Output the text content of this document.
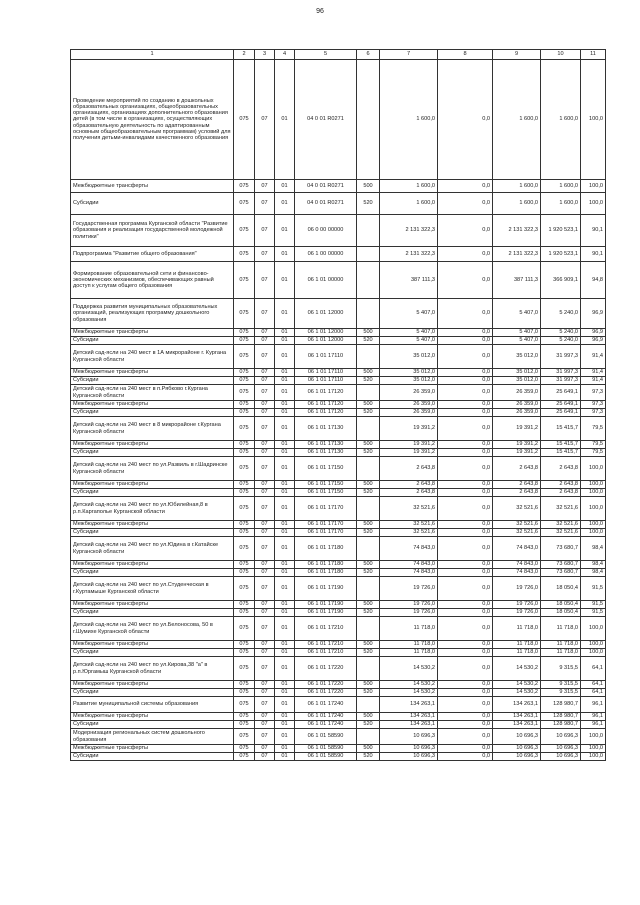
96
1	2	3	4	5	6	7	8	9	10	11
Проведение мероприятий по созданию в дошкольных образовательных организациях, общеобразовательных организациях, организациях дополнительного образования детей (в том числе в организациях, осуществляющих образовательную деятельность по адаптированным основным общеобразовательным программам) условий для получения детьми-инвалидами качественного образования	075	07	01	04 0 01 R0271		1 600,0	0,0	1 600,0	1 600,0	100,0
Межбюджетные трансферты	075	07	01	04 0 01 R0271	500	1 600,0	0,0	1 600,0	1 600,0	100,0
Субсидии	075	07	01	04 0 01 R0271	520	1 600,0	0,0	1 600,0	1 600,0	100,0
Государственная программа Курганской области "Развитие образования и реализация государственной молодежной политики"	075	07	01	06 0 00 00000		2 131 322,3	0,0	2 131 322,3	1 920 523,1	90,1
Подпрограмма "Развитие общего образования"	075	07	01	06 1 00 00000		2 131 322,3	0,0	2 131 322,3	1 920 523,1	90,1
Формирование образовательной сети и финансово-экономических механизмов, обеспечивающих равный доступ к услугам общего образования	075	07	01	06 1 01 00000		387 111,3	0,0	387 111,3	366 909,1	94,8
Поддержка развития муниципальных образовательных организаций, реализующих программу дошкольного образования	075	07	01	06 1 01 12000		5 407,0	0,0	5 407,0	5 240,0	96,9
Межбюджетные трансферты	075	07	01	06 1 01 12000	500	5 407,0	0,0	5 407,0	5 240,0	96,9
Субсидии	075	07	01	06 1 01 12000	520	5 407,0	0,0	5 407,0	5 240,0	96,9
Детский сад-ясли на 240 мест в 1А микрорайоне г. Кургана Курганской области	075	07	01	06 1 01 17110		35 012,0	0,0	35 012,0	31 997,3	91,4
Межбюджетные трансферты	075	07	01	06 1 01 17110	500	35 012,0	0,0	35 012,0	31 997,3	91,4
Субсидии	075	07	01	06 1 01 17110	520	35 012,0	0,0	35 012,0	31 997,3	91,4
Детский сад-ясли на 240 мест в п.Рябково г.Кургана Курганской области	075	07	01	06 1 01 17120		26 359,0	0,0	26 359,0	25 649,1	97,3
Межбюджетные трансферты	075	07	01	06 1 01 17120	500	26 359,0	0,0	26 359,0	25 649,1	97,3
Субсидии	075	07	01	06 1 01 17120	520	26 359,0	0,0	26 359,0	25 649,1	97,3
Детский сад-ясли на 240 мест в 8 микрорайоне г.Кургана Курганской области	075	07	01	06 1 01 17130		19 391,2	0,0	19 391,2	15 415,7	79,5
Межбюджетные трансферты	075	07	01	06 1 01 17130	500	19 391,2	0,0	19 391,2	15 415,7	79,5
Субсидии	075	07	01	06 1 01 17130	520	19 391,2	0,0	19 391,2	15 415,7	79,5
Детский сад-ясли на 240 мест по ул.Развиль в г.Шадринске Курганской области	075	07	01	06 1 01 17150		2 643,8	0,0	2 643,8	2 643,8	100,0
Межбюджетные трансферты	075	07	01	06 1 01 17150	500	2 643,8	0,0	2 643,8	2 643,8	100,0
Субсидии	075	07	01	06 1 01 17150	520	2 643,8	0,0	2 643,8	2 643,8	100,0
Детский сад-ясли на 240 мест по ул.Юбилейная,8 в р.п.Каргаполье Курганской области	075	07	01	06 1 01 17170		32 521,6	0,0	32 521,6	32 521,6	100,0
Межбюджетные трансферты	075	07	01	06 1 01 17170	500	32 521,6	0,0	32 521,6	32 521,6	100,0
Субсидии	075	07	01	06 1 01 17170	520	32 521,6	0,0	32 521,6	32 521,6	100,0
Детский сад-ясли на 240 мест по ул.Юдина в г.Катайске Курганской области	075	07	01	06 1 01 17180		74 843,0	0,0	74 843,0	73 680,7	98,4
Межбюджетные трансферты	075	07	01	06 1 01 17180	500	74 843,0	0,0	74 843,0	73 680,7	98,4
Субсидии	075	07	01	06 1 01 17180	520	74 843,0	0,0	74 843,0	73 680,7	98,4
Детский сад-ясли на 240 мест по ул.Студенческая в г.Куртамыше Курганской области	075	07	01	06 1 01 17190		19 726,0	0,0	19 726,0	18 050,4	91,5
Межбюджетные трансферты	075	07	01	06 1 01 17190	500	19 726,0	0,0	19 726,0	18 050,4	91,5
Субсидии	075	07	01	06 1 01 17190	520	19 726,0	0,0	19 726,0	18 050,4	91,5
Детский сад-ясли на 240 мест по ул.Белоносова, 50 в г.Шумихе Курганской области	075	07	01	06 1 01 17210		11 718,0	0,0	11 718,0	11 718,0	100,0
Межбюджетные трансферты	075	07	01	06 1 01 17210	500	11 718,0	0,0	11 718,0	11 718,0	100,0
Субсидии	075	07	01	06 1 01 17210	520	11 718,0	0,0	11 718,0	11 718,0	100,0
Детский сад-ясли на 240 мест по ул.Кирова,38 "а" в р.п.Юргамыш Курганской области	075	07	01	06 1 01 17220		14 530,2	0,0	14 530,2	9 315,5	64,1
Межбюджетные трансферты	075	07	01	06 1 01 17220	500	14 530,2	0,0	14 530,2	9 315,5	64,1
Субсидии	075	07	01	06 1 01 17220	520	14 530,2	0,0	14 530,2	9 315,5	64,1
Развитие муниципальной системы образования	075	07	01	06 1 01 17240		134 263,1	0,0	134 263,1	128 980,7	96,1
Межбюджетные трансферты	075	07	01	06 1 01 17240	500	134 263,1	0,0	134 263,1	128 980,7	96,1
Субсидии	075	07	01	06 1 01 17240	520	134 263,1	0,0	134 263,1	128 980,7	96,1
Модернизация региональных систем дошкольного образования	075	07	01	06 1 01 58590		10 696,3	0,0	10 696,3	10 696,3	100,0
Межбюджетные трансферты	075	07	01	06 1 01 58590	500	10 696,3	0,0	10 696,3	10 696,3	100,0
Субсидии	075	07	01	06 1 01 58590	520	10 696,3	0,0	10 696,3	10 696,3	100,0
